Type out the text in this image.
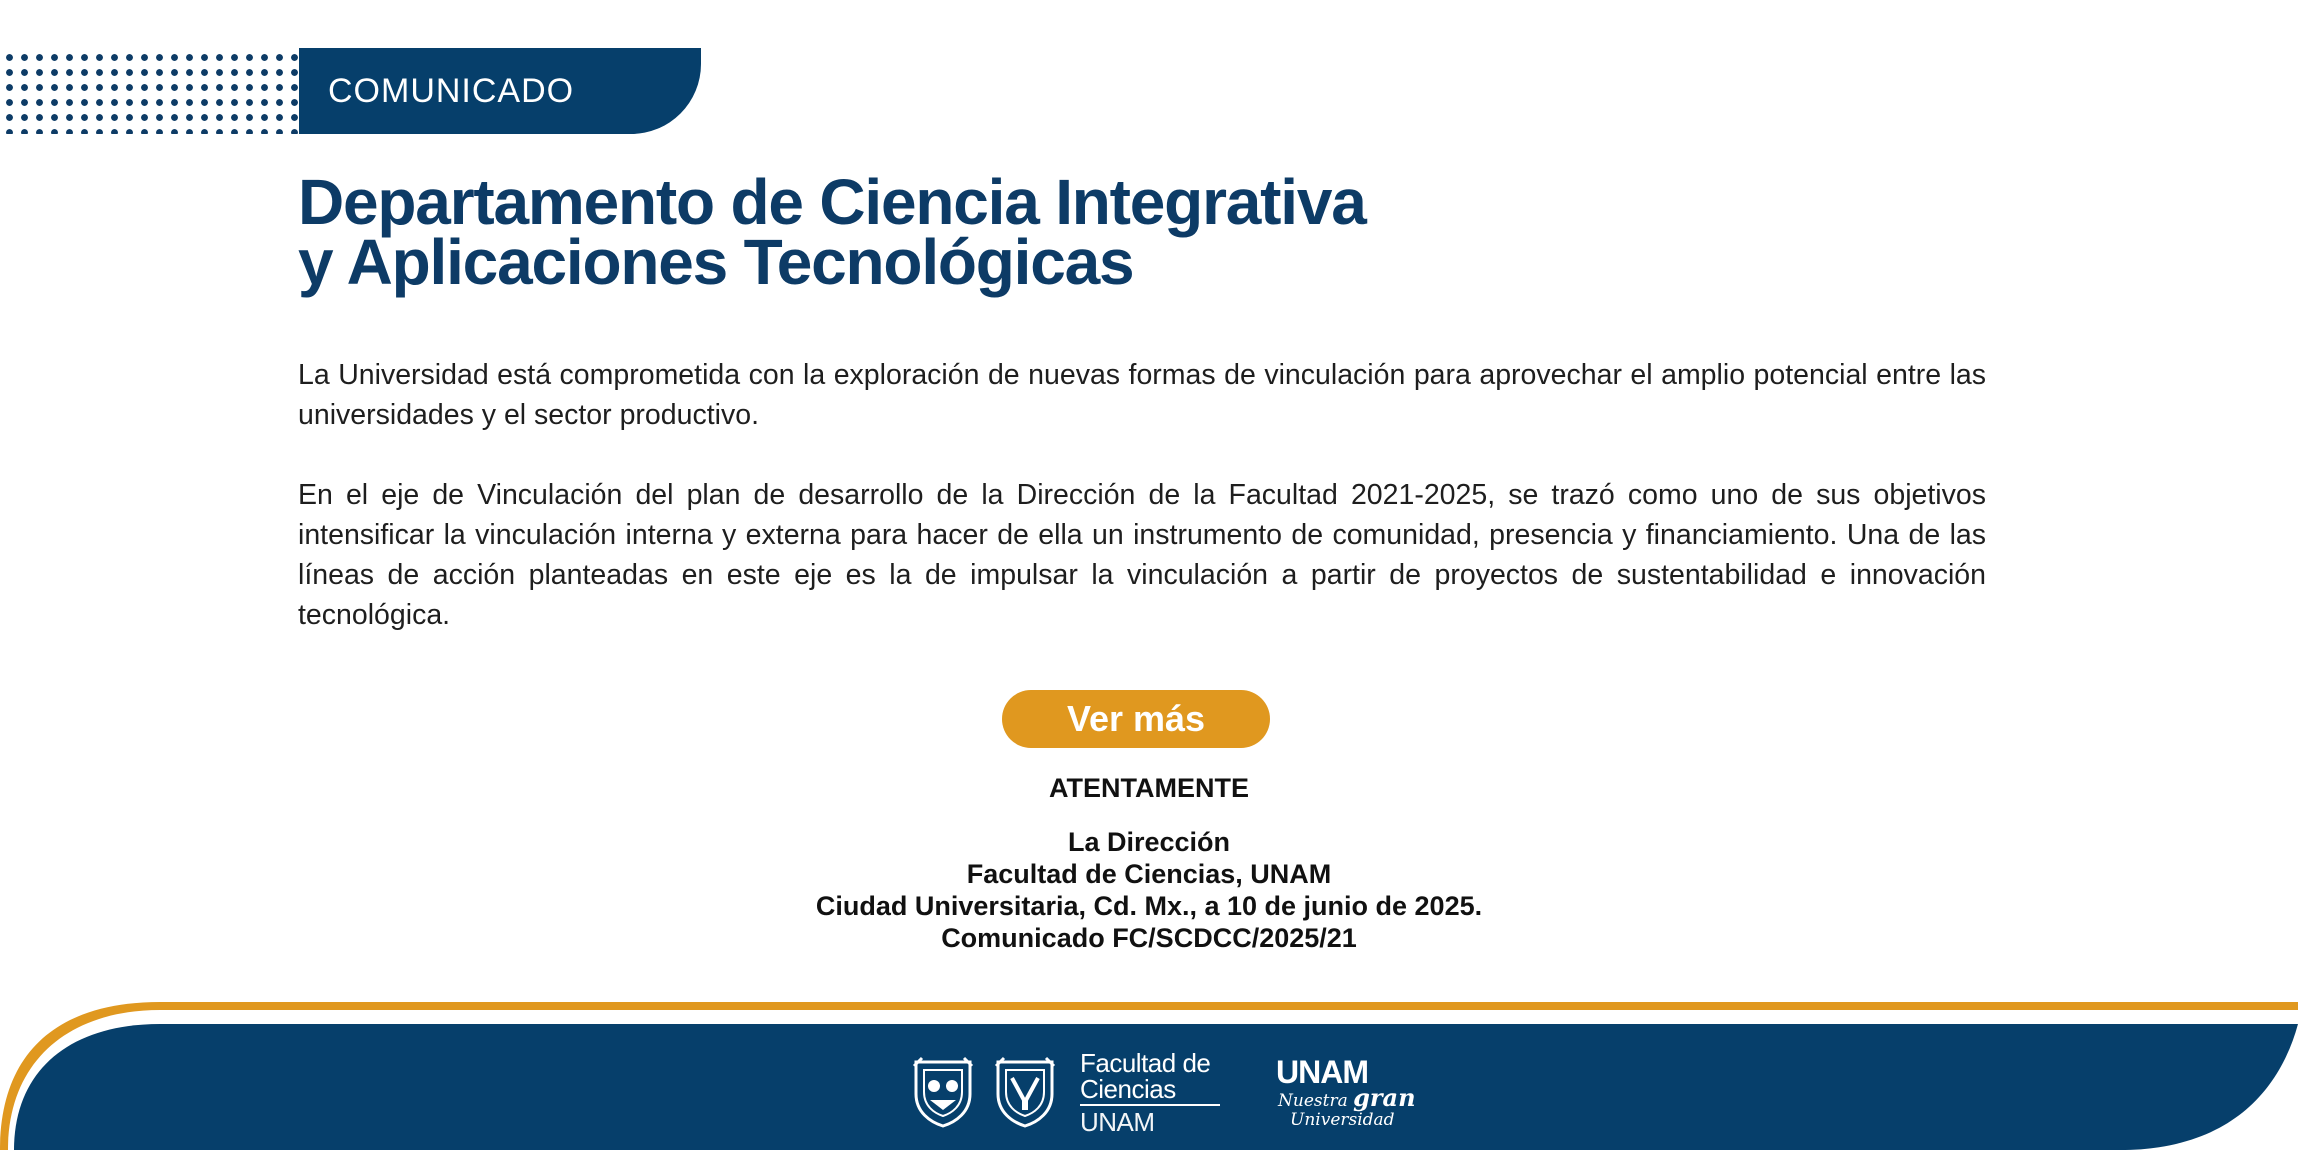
COMUNICADO
Departamento de Ciencia Integrativa
y Aplicaciones Tecnológicas

La Universidad está comprometida con la exploración de nuevas formas de vinculación para aprovechar el amplio potencial entre las universidades y el sector productivo.

En el eje de Vinculación del plan de desarrollo de la Dirección de la Facultad 2021-2025, se trazó como uno de sus objetivos intensificar la vinculación interna y externa para hacer de ella un instrumento de comunidad, presencia y financiamiento. Una de las líneas de acción planteadas en este eje es la de impulsar la vinculación a partir de proyectos de sustentabilidad e innovación tecnológica.

Ver más
ATENTAMENTE
La Dirección
Facultad de Ciencias, UNAM
Ciudad Universitaria, Cd. Mx., a 10 de junio de 2025.
Comunicado FC/SCDCC/2025/21
Facultad de
Ciencias
UNAM
UNAM
Nuestra gran
Universidad
